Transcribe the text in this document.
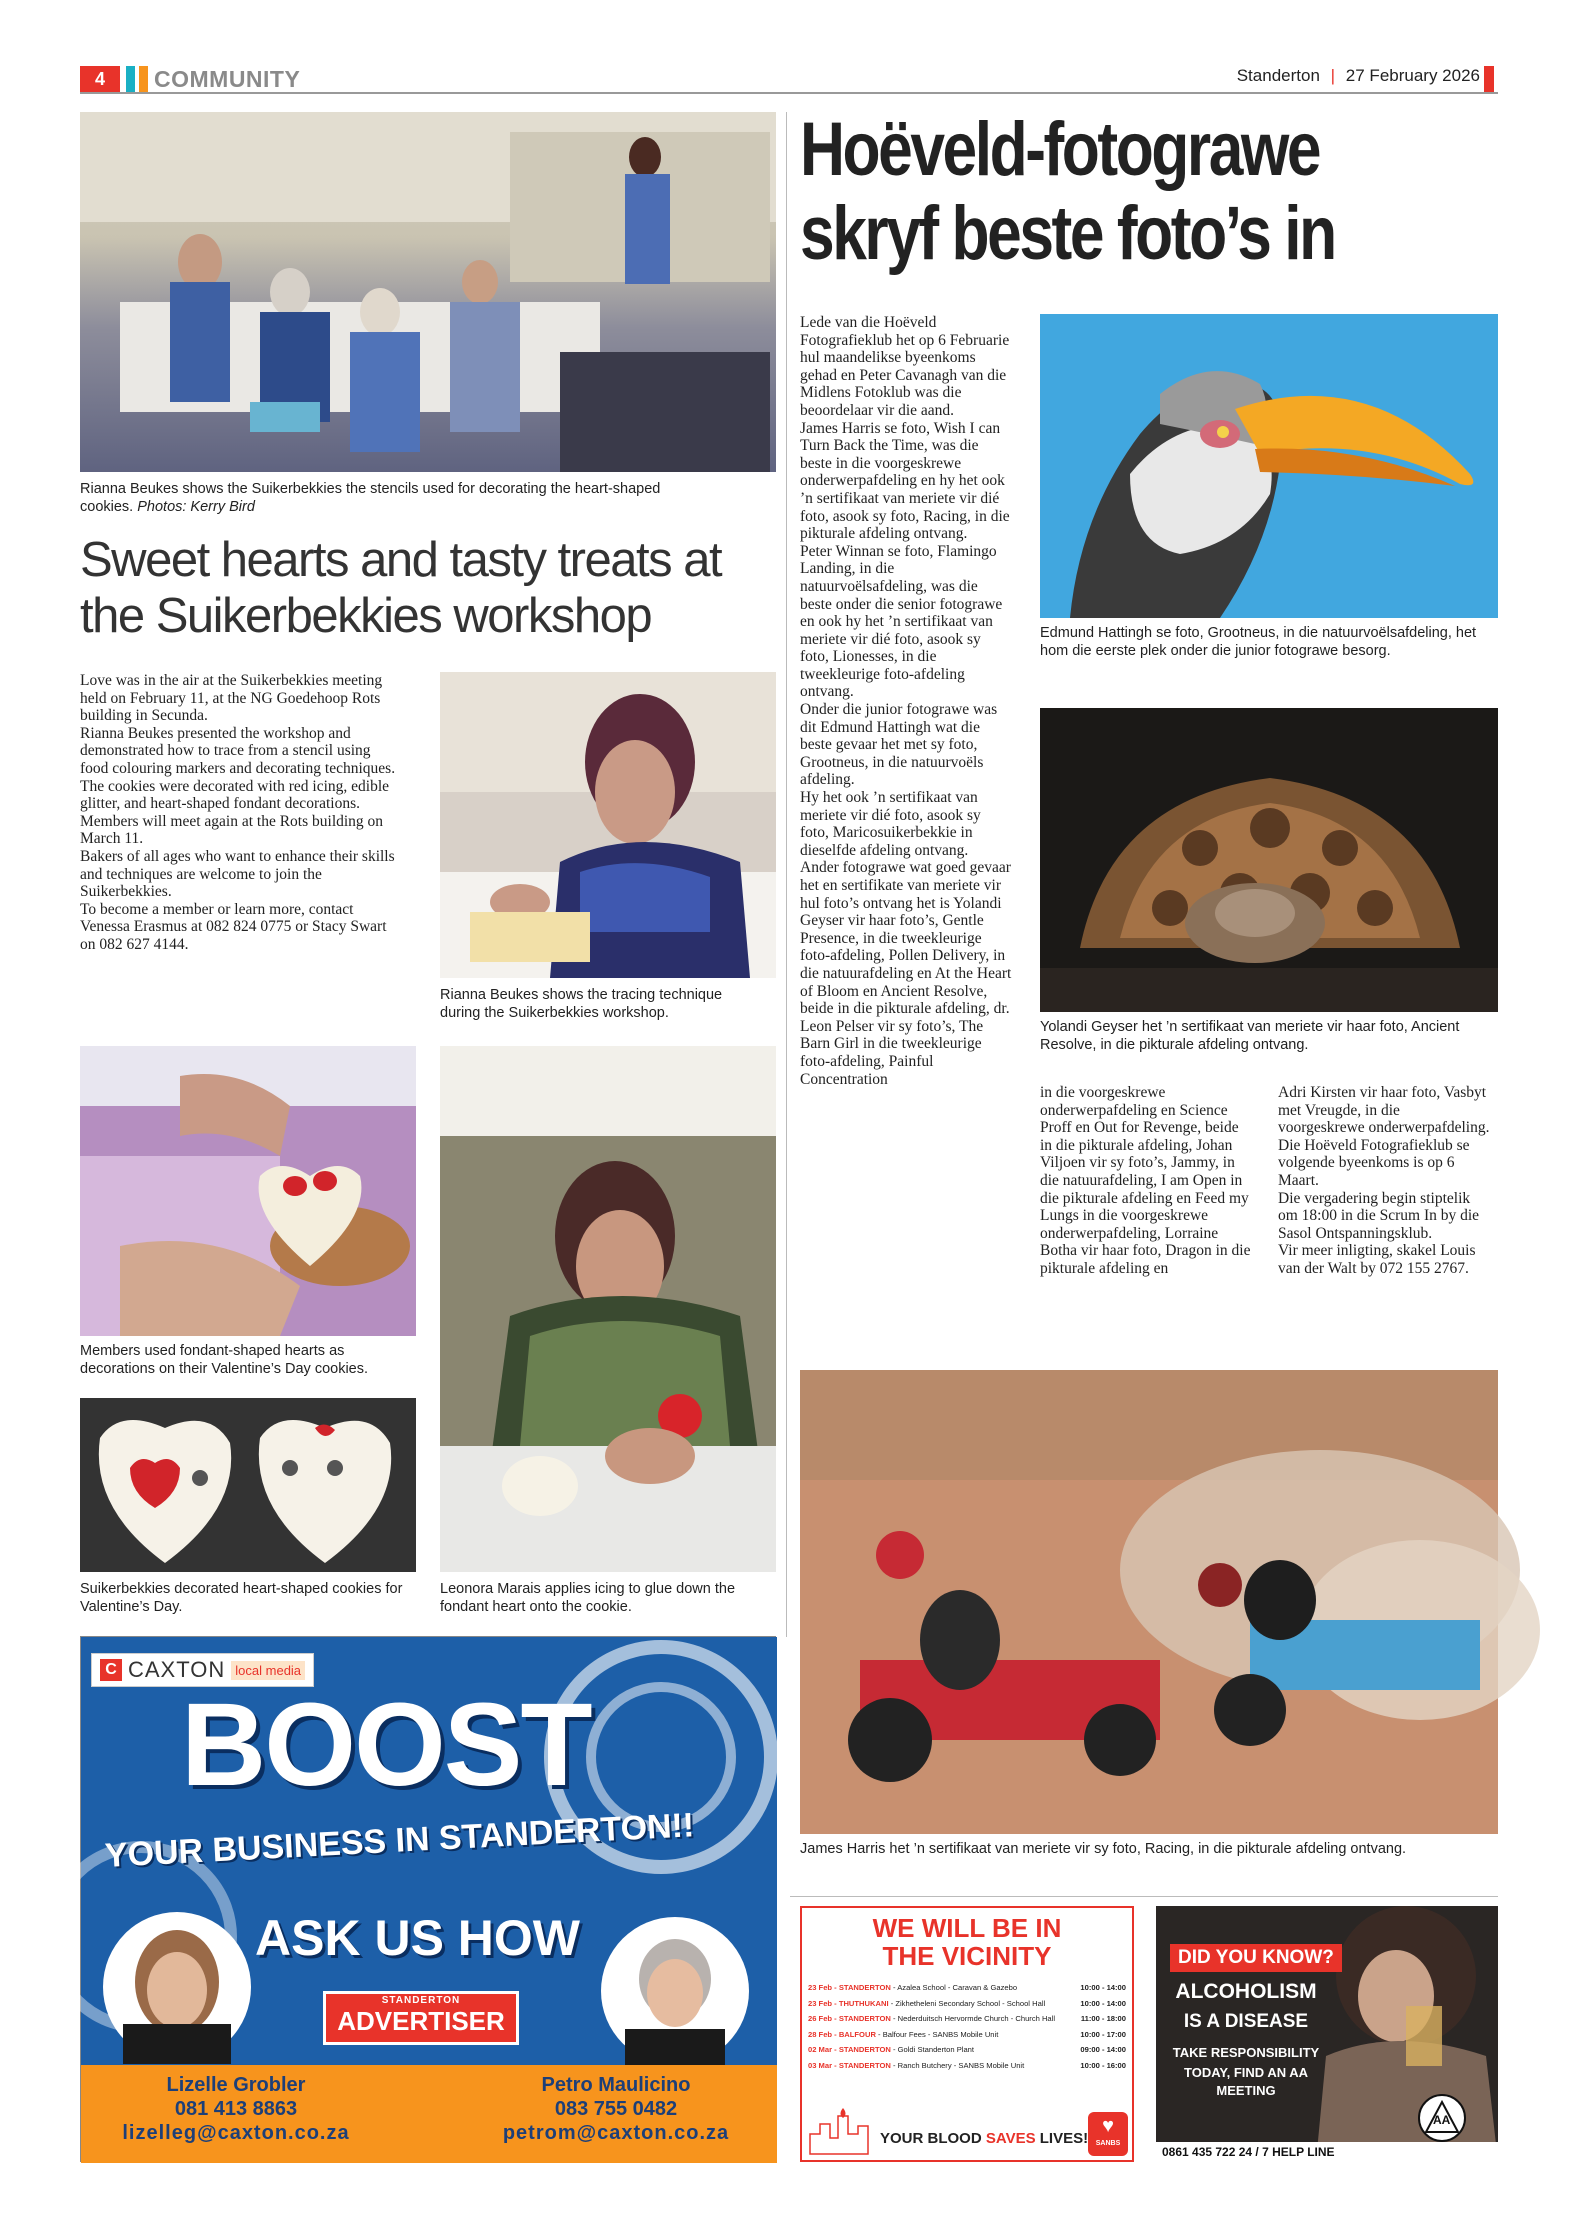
4	COMMUNITY	Standerton | 27 February 2026
Rianna Beukes shows the Suikerbekkies the stencils used for decorating the heart-shaped
cookies. Photos: Kerry Bird
Sweet hearts and tasty treats at the Suikerbekkies workshop
Love was in the air at the Suikerbekkies meeting held on February 11, at the NG Goedehoop Rots building in Secunda.
Rianna Beukes presented the workshop and demonstrated how to trace from a stencil using food colouring markers and decorating techniques.
The cookies were decorated with red icing, edible glitter, and heart-shaped fondant decorations.
Members will meet again at the Rots building on March 11.
Bakers of all ages who want to enhance their skills and techniques are welcome to join the Suikerbekkies.
To become a member or learn more, contact Venessa Erasmus at 082 824 0775 or Stacy Swart on 082 627 4144.
Rianna Beukes shows the tracing technique during the Suikerbekkies workshop.
Members used fondant-shaped hearts as decorations on their Valentine’s Day cookies.
Leonora Marais applies icing to glue down the fondant heart onto the cookie.
Suikerbekkies decorated heart-shaped cookies for Valentine’s Day.
Hoëveld-fotograwe
skryf beste foto’s in
Lede van die Hoëveld Fotografieklub het op 6 Februarie hul maandelikse byeenkoms gehad en Peter Cavanagh van die Midlens Fotoklub was die beoordelaar vir die aand.
James Harris se foto, Wish I can Turn Back the Time, was die beste in die voorgeskrewe onderwerpafdeling en hy het ook ’n sertifikaat van meriete vir dié foto, asook sy foto, Racing, in die pikturale afdeling ontvang.
Peter Winnan se foto, Flamingo Landing, in die natuurvoëlsafdeling, was die beste onder die senior fotograwe en ook hy het ’n sertifikaat van meriete vir dié foto, asook sy foto, Lionesses, in die tweekleurige foto-afdeling ontvang.
Onder die junior fotograwe was dit Edmund Hattingh wat die beste gevaar het met sy foto, Grootneus, in die natuurvoëls afdeling.
Hy het ook ’n sertifikaat van meriete vir dié foto, asook sy foto, Maricosuikerbekkie in dieselfde afdeling ontvang.
Ander fotograwe wat goed gevaar het en sertifikate van meriete vir hul foto’s ontvang het is Yolandi Geyser vir haar foto’s, Gentle Presence, in die tweekleurige foto-afdeling, Pollen Delivery, in die natuurafdeling en At the Heart of Bloom en Ancient Resolve, beide in die pikturale afdeling, dr. Leon Pelser vir sy foto’s, The Barn Girl in die tweekleurige foto-afdeling, Painful Concentration
Edmund Hattingh se foto, Grootneus, in die natuurvoëlsafdeling, het hom die eerste plek onder die junior fotograwe besorg.
Yolandi Geyser het ’n sertifikaat van meriete vir haar foto, Ancient Resolve, in die pikturale afdeling ontvang.
in die voorgeskrewe onderwerpafdeling en Science Proff en Out for Revenge, beide in die pikturale afdeling, Johan Viljoen vir sy foto’s, Jammy, in die natuurafdeling, I am Open in die pikturale afdeling en Feed my Lungs in die voorgeskrewe onderwerpafdeling, Lorraine Botha vir haar foto, Dragon in die pikturale afdeling en
Adri Kirsten vir haar foto, Vasbyt met Vreugde, in die voorgeskrewe onderwerpafdeling.
Die Hoëveld Fotografieklub se volgende byeenkoms is op 6 Maart.
Die vergadering begin stiptelik om 18:00 in die Scrum In by die Sasol Ontspanningsklub.
Vir meer inligting, skakel Louis van der Walt by 072 155 2767.
James Harris het ’n sertifikaat van meriete vir sy foto, Racing, in die pikturale afdeling ontvang.
C CAXTON local media
BOOST
YOUR BUSINESS IN STANDERTON!!
ASK US HOW
STANDERTON
ADVERTISER
Lizelle Grobler
081 413 8863
lizelleg@caxton.co.za
Petro Maulicino
083 755 0482
petrom@caxton.co.za
WE WILL BE IN
THE VICINITY
23 Feb - STANDERTON - Azalea School - Caravan & Gazebo	10:00 - 14:00
23 Feb - THUTHUKANI - Zikhetheleni Secondary School - School Hall	10:00 - 14:00
26 Feb - STANDERTON - Nederduitsch Hervormde Church - Church Hall	11:00 - 18:00
28 Feb - BALFOUR - Balfour Fees - SANBS Mobile Unit	10:00 - 17:00
02 Mar - STANDERTON - Goldi Standerton Plant	09:00 - 14:00
03 Mar - STANDERTON - Ranch Butchery - SANBS Mobile Unit	10:00 - 16:00
YOUR BLOOD SAVES LIVES!
♥
SANBS
DID YOU KNOW?
ALCOHOLISM
IS A DISEASE
TAKE RESPONSIBILITY
TODAY, FIND AN AA
MEETING
AA
0861 435 722 24 / 7 HELP LINE
